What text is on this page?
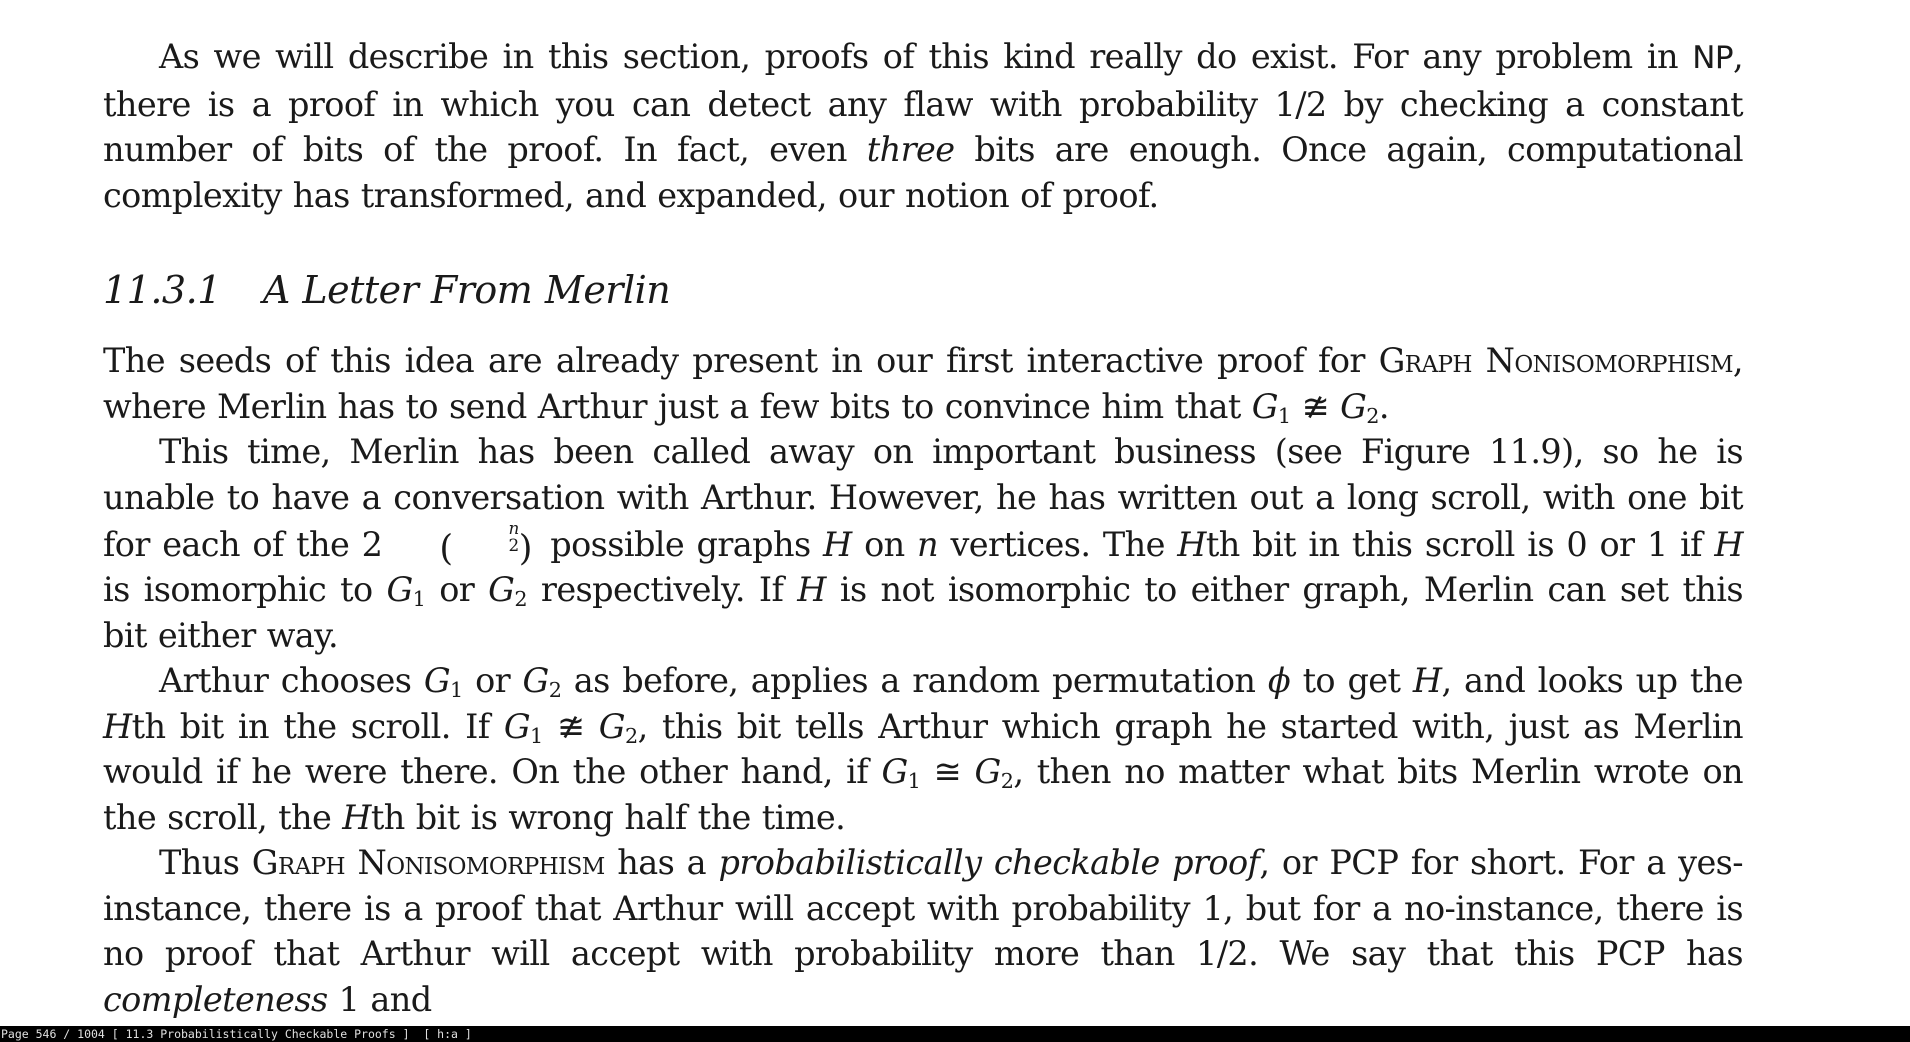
As we will describe in this section, proofs of this kind really do exist. For any problem in NP, there is a proof in which you can detect any flaw with probability 1/2 by checking a constant number of bits of the proof. In fact, even three bits are enough. Once again, computational complexity has transformed, and expanded, our notion of proof.

11.3.1 A Letter From Merlin

The seeds of this idea are already present in our first interactive proof for Graph Nonisomorphism, where Merlin has to send Arthur just a few bits to convince him that $G_1$ ≇ $G_2$.

This time, Merlin has been called away on important business (see Figure 11.9), so he is unable to have a conversation with Arthur. However, he has written out a long scroll, with one bit for each of the 2 (	n
2 ) possible graphs H on n vertices. The Hth bit in this scroll is 0 or 1 if H is isomorphic to $G_1$ or $G_2$ respectively. If H is not isomorphic to either graph, Merlin can set this bit either way.

Arthur chooses $G_1$ or $G_2$ as before, applies a random permutation ϕ to get H, and looks up the Hth bit in the scroll. If $G_1$ ≇ $G_2$, this bit tells Arthur which graph he started with, just as Merlin would if he were there. On the other hand, if $G_1$ ≅ $G_2$, then no matter what bits Merlin wrote on the scroll, the Hth bit is wrong half the time.

Thus Graph Nonisomorphism has a probabilistically checkable proof, or PCP for short. For a yes-instance, there is a proof that Arthur will accept with probability 1, but for a no-instance, there is no proof that Arthur will accept with probability more than 1/2. We say that this PCP has completeness 1 and

Page 546 / 1004 [ 11.3 Probabilistically Checkable Proofs ]  [ h:a ]
